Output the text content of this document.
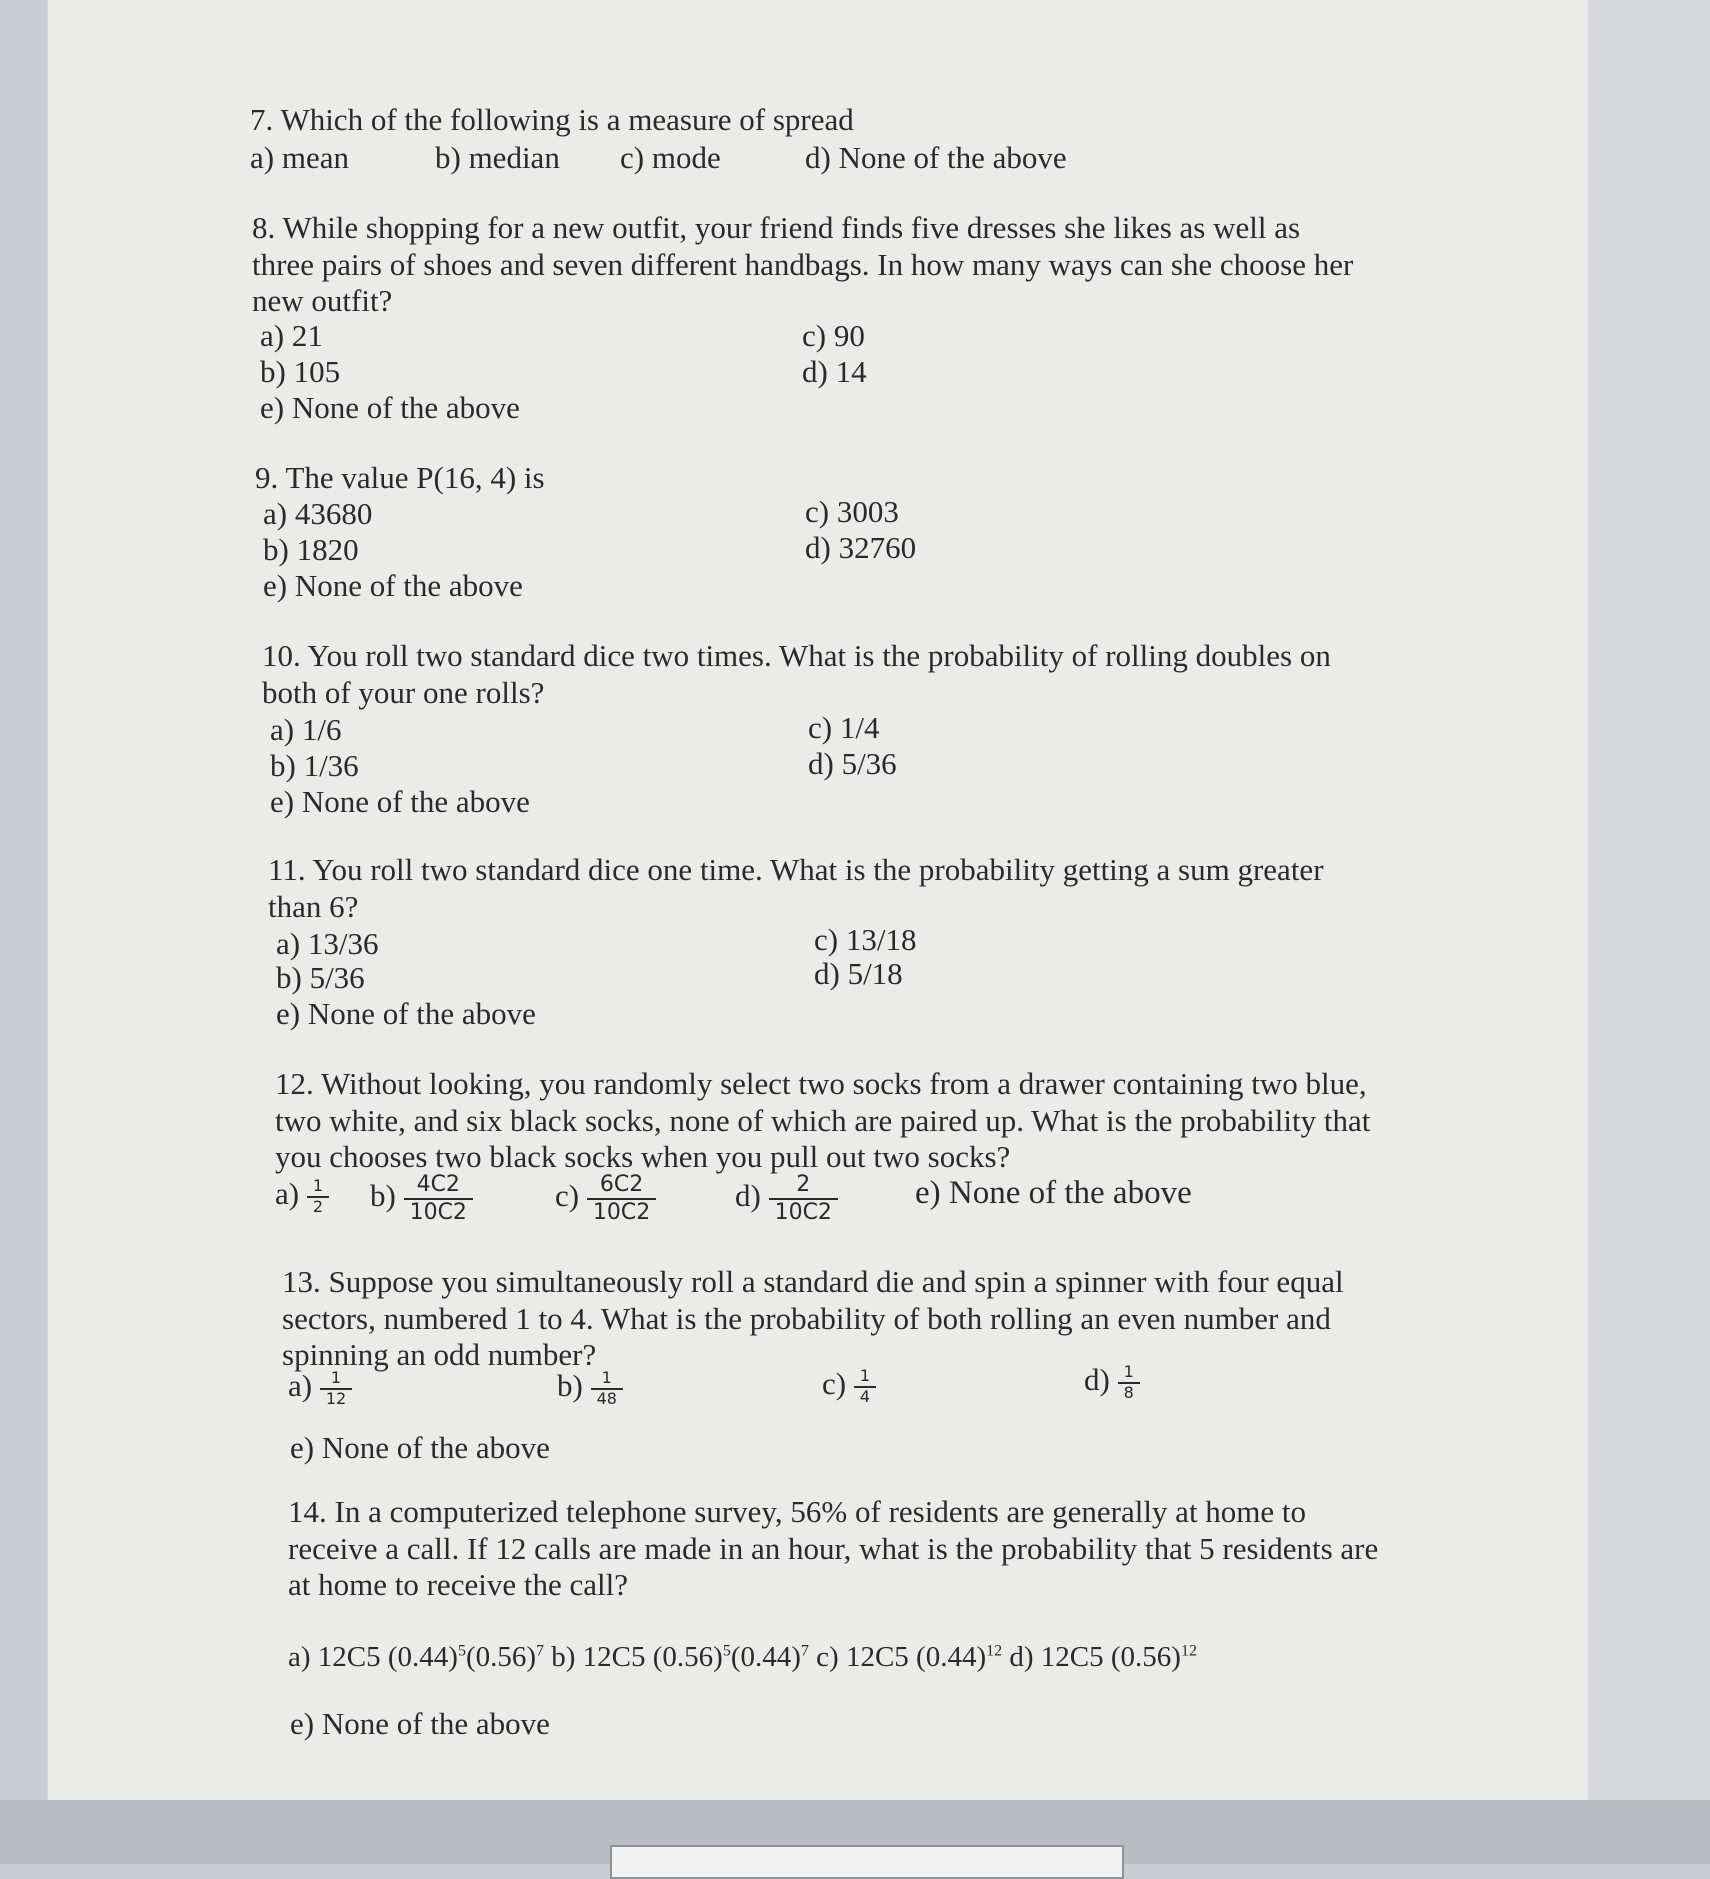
7. Which of the following is a measure of spread
a) mean	b) median c) mode	d) None of the above
8. While shopping for a new outfit, your friend finds five dresses she likes as well as
three pairs of shoes and seven different handbags. In how many ways can she choose her
new outfit?
a) 21
b) 105
e) None of the above
c) 90
d) 14
9. The value P(16, 4) is
a) 43680
b) 1820
e) None of the above
c) 3003
d) 32760
10. You roll two standard dice two times. What is the probability of rolling doubles on
both of your one rolls?
a) 1/6
b) 1/36
e) None of the above
c) 1/4
d) 5/36
11. You roll two standard dice one time. What is the probability getting a sum greater
than 6?
a) 13/36
b) 5/36
e) None of the above
c) 13/18
d) 5/18
12. Without looking, you randomly select two socks from a drawer containing two blue,
two white, and six black socks, none of which are paired up. What is the probability that
you chooses two black socks when you pull out two socks?
$a) \frac{1}{2} b) \frac{4C2}{10C2}$	$c) \frac{6C2}{10C2}$	$d) \frac{2}{10C2} e$) None of the above
13. Suppose you simultaneously roll a standard die and spin a spinner with four equal
sectors, numbered 1 to 4. What is the probability of both rolling an even number and
spinning an odd number?
$a) \frac{1}{12}$	$b) \frac{1}{48}$	$c) \frac{1}{4}$	$d) \frac{1}{8}$
e) None of the above
14. In a computerized telephone survey, 56% of residents are generally at home to
receive a call. If 12 calls are made in an hour, what is the probability that 5 residents are
at home to receive the call?
a) 12C5 $(0.44)^5(0.56)^7$ b) 12C5 $(0.56)^5(0.44)^7$ c) 12C5 $(0.44)^{12}$ d) 12C5 $(0.56)^{12}$
e) None of the above
